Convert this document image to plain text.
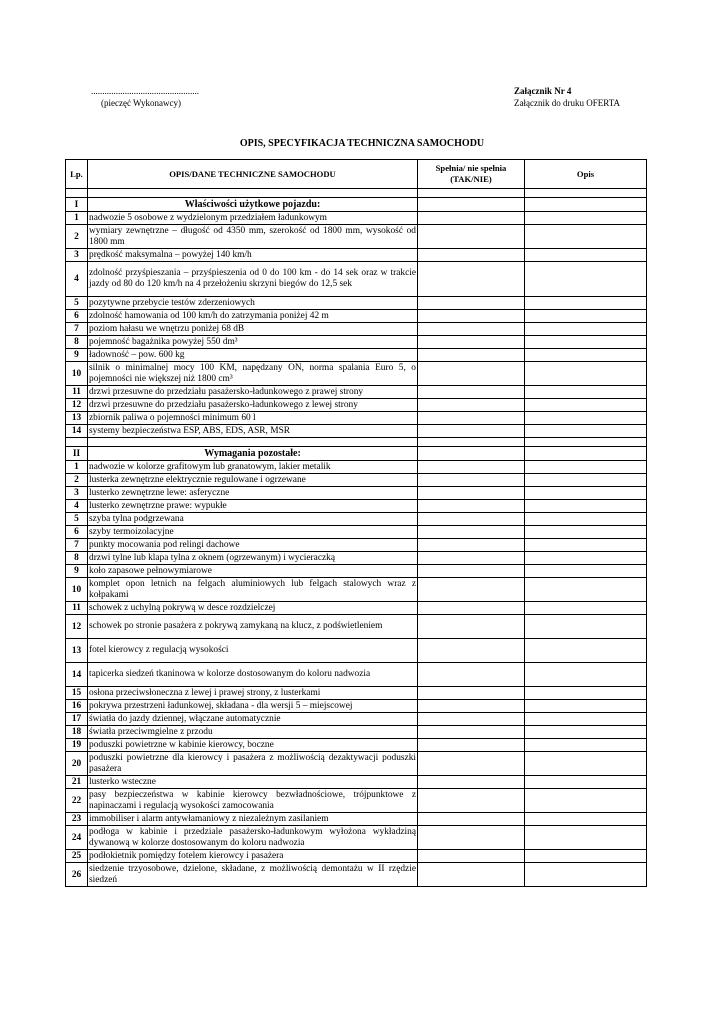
................................................
(pieczęć Wykonawcy)
Załącznik Nr 4
Załącznik do druku OFERTA
OPIS, SPECYFIKACJA TECHNICZNA SAMOCHODU
Lp.	OPIS/DANE TECHNICZNE SAMOCHODU	Spełnia/ nie spełnia (TAK/NIE)	Opis

I	Właściwości użytkowe pojazdu:		
1	nadwozie 5 osobowe z wydzielonym przedziałem ładunkowym		
2	wymiary zewnętrzne – długość od 4350 mm, szerokość od 1800 mm, wysokość od 1800 mm		
3	prędkość maksymalna – powyżej 140 km/h		
4	zdolność przyśpieszania – przyśpieszenia od 0 do 100 km - do 14 sek oraz w trakcie jazdy od 80 do 120 km/h na 4 przełożeniu skrzyni biegów do 12,5 sek		
5	pozytywne przebycie testów zderzeniowych		
6	zdolność hamowania od 100 km/h do zatrzymania poniżej 42 m		
7	poziom hałasu we wnętrzu poniżej 68 dB		
8	pojemność bagażnika powyżej 550 dm³		
9	ładowność – pow. 600 kg		
10	silnik o minimalnej mocy 100 KM, napędzany ON, norma spalania Euro 5, o pojemności nie większej niż 1800 cm³		
11	drzwi przesuwne do przedziału pasażersko-ładunkowego z prawej strony		
12	drzwi przesuwne do przedziału pasażersko-ładunkowego z lewej strony		
13	zbiornik paliwa o pojemności minimum 60 l		
14	systemy bezpieczeństwa ESP, ABS, EDS, ASR, MSR		

II	Wymagania pozostałe:		
1	nadwozie w kolorze grafitowym lub granatowym, lakier metalik		
2	lusterka zewnętrzne elektrycznie regulowane i ogrzewane		
3	lusterko zewnętrzne lewe: asferyczne		
4	lusterko zewnętrzne prawe: wypukłe		
5	szyba tylna podgrzewana		
6	szyby termoizolacyjne		
7	punkty mocowania pod relingi dachowe		
8	drzwi tylne lub klapa tylna z oknem (ogrzewanym) i wycieraczką		
9	koło zapasowe pełnowymiarowe		
10	komplet opon letnich na felgach aluminiowych lub felgach stalowych wraz z kołpakami		
11	schowek z uchylną pokrywą w desce rozdzielczej		
12	schowek po stronie pasażera z pokrywą zamykaną na klucz, z podświetleniem		
13	fotel kierowcy z regulacją wysokości		
14	tapicerka siedzeń tkaninowa w kolorze dostosowanym do koloru nadwozia		
15	osłona przeciwsłoneczna z lewej i prawej strony, z lusterkami		
16	pokrywa przestrzeni ładunkowej, składana - dla wersji 5 – miejscowej		
17	światła do jazdy dziennej, włączane automatycznie		
18	światła przeciwmgielne z przodu		
19	poduszki powietrzne w kabinie kierowcy, boczne		
20	poduszki powietrzne dla kierowcy i pasażera z możliwością dezaktywacji poduszki pasażera		
21	lusterko wsteczne		
22	pasy bezpieczeństwa w kabinie kierowcy bezwładnościowe, trójpunktowe z napinaczami i regulacją wysokości zamocowania		
23	immobiliser i alarm antywłamaniowy z niezależnym zasilaniem		
24	podłoga w kabinie i przedziale pasażersko-ładunkowym wyłożona wykładziną dywanową w kolorze dostosowanym do koloru nadwozia		
25	podłokietnik pomiędzy fotelem kierowcy i pasażera		
26	siedzenie trzyosobowe, dzielone, składane, z możliwością demontażu w II rzędzie siedzeń		
